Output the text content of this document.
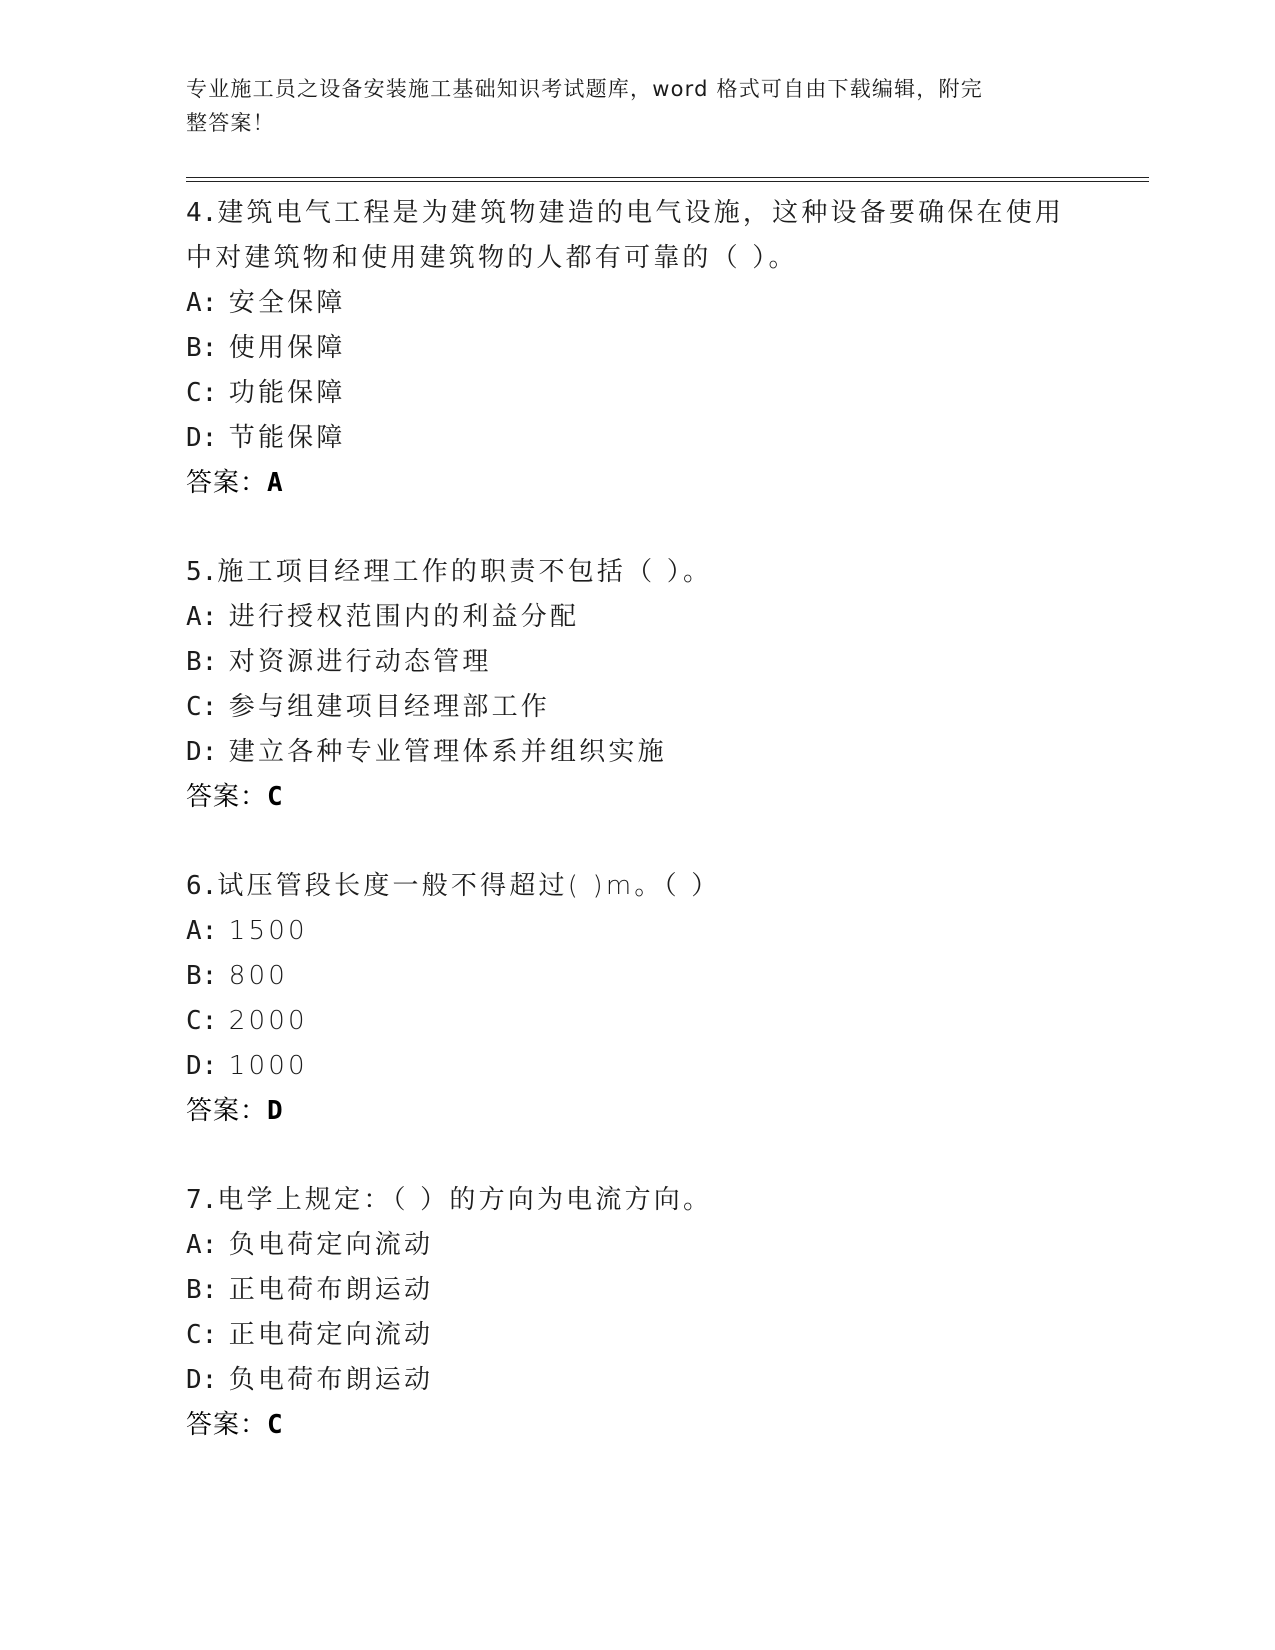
专业施工员之设备安装施工基础知识考试题库，word 格式可自由下载编辑，附完
整答案！
4.建筑电气工程是为建筑物建造的电气设施，这种设备要确保在使用
中对建筑物和使用建筑物的人都有可靠的（ ）。
A: 安全保障
B: 使用保障
C: 功能保障
D: 节能保障
答案：A
5.施工项目经理工作的职责不包括（ ）。
A: 进行授权范围内的利益分配
B: 对资源进行动态管理
C: 参与组建项目经理部工作
D: 建立各种专业管理体系并组织实施
答案：C
6.试压管段长度一般不得超过( )m。（ ）
A: 1500
B: 800
C: 2000
D: 1000
答案：D
7.电学上规定：（ ）的方向为电流方向。
A: 负电荷定向流动
B: 正电荷布朗运动
C: 正电荷定向流动
D: 负电荷布朗运动
答案：C
